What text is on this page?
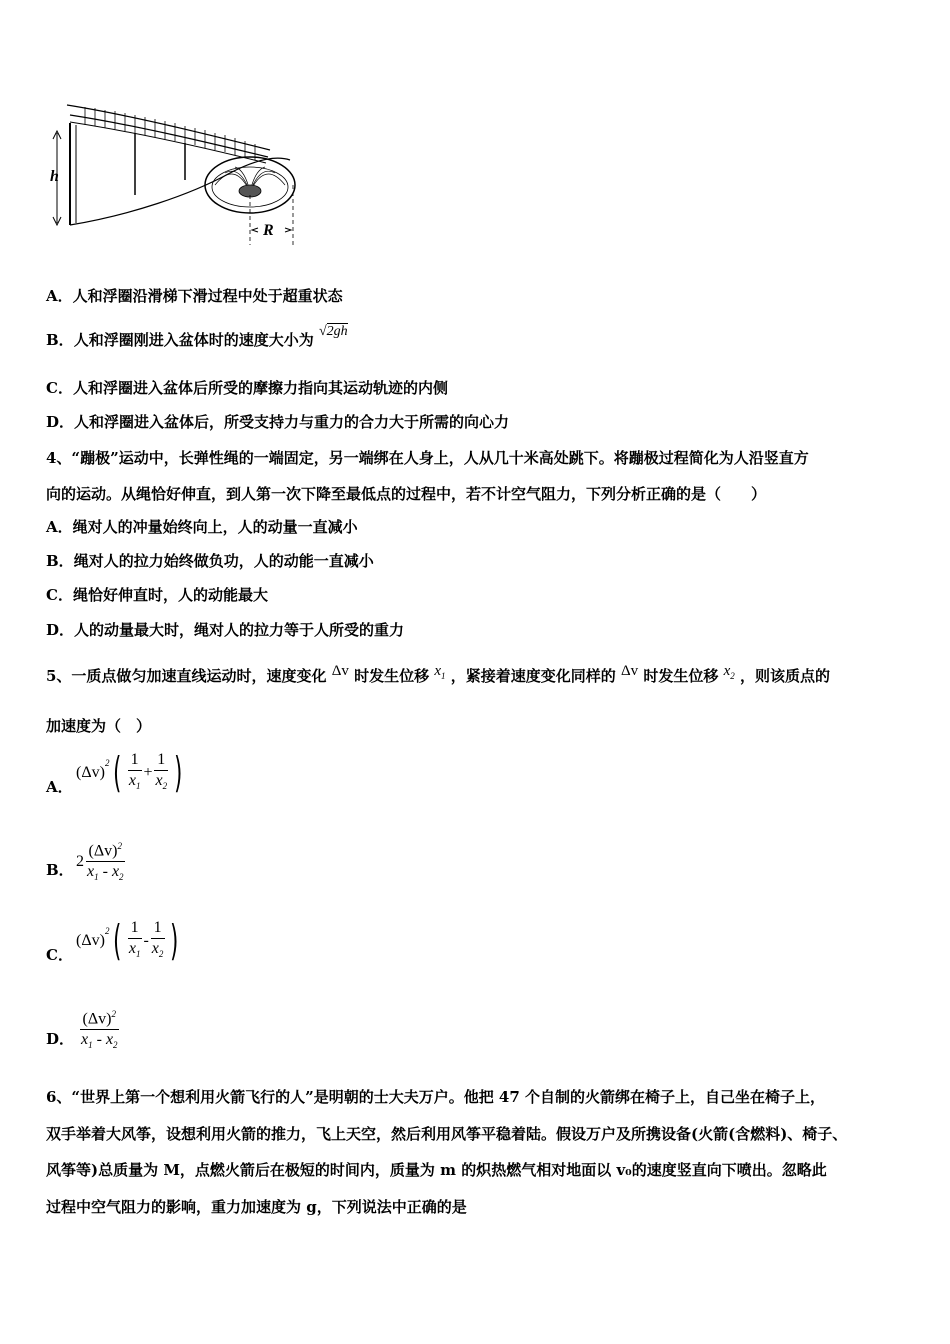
h
R
A．人和浮圈沿滑梯下滑过程中处于超重状态
B．人和浮圈刚进入盆体时的速度大小为 √2gh
C．人和浮圈进入盆体后所受的摩擦力指向其运动轨迹的内侧
D．人和浮圈进入盆体后，所受支持力与重力的合力大于所需的向心力
4、“蹦极”运动中，长弹性绳的一端固定，另一端绑在人身上，人从几十米高处跳下。将蹦极过程简化为人沿竖直方
向的运动。从绳恰好伸直，到人第一次下降至最低点的过程中，若不计空气阻力，下列分析正确的是（　　）
A．绳对人的冲量始终向上，人的动量一直减小
B．绳对人的拉力始终做负功，人的动能一直减小
C．绳恰好伸直时，人的动能最大
D．人的动量最大时，绳对人的拉力等于人所受的重力
5、一质点做匀加速直线运动时，速度变化 Δv 时发生位移 $x_1$ ，紧接着速度变化同样的 Δv 时发生位移 $x_2$ ，则该质点的
加速度为（　）
A．
(Δv)
$^2$ ( $\frac{1}{x_1} + \frac{1}{x_2}$ )
B． $2 \frac{(\Delta v)^2}{x_1 - x_2}$
C．
(Δv)
$^2$ ( $\frac{1}{x_1} - \frac{1}{x_2}$ )
D． $\frac{(\Delta v)^2}{x_1 - x_2}$
6、“世界上第一个想利用火箭飞行的人”是明朝的士大夫万户。他把 47 个自制的火箭绑在椅子上，自己坐在椅子上，
双手举着大风筝，设想利用火箭的推力，飞上天空，然后利用风筝平稳着陆。假设万户及所携设备(火箭(含燃料)、椅子、
风筝等)总质量为 M，点燃火箭后在极短的时间内，质量为 m 的炽热燃气相对地面以 v₀的速度竖直向下喷出。忽略此
过程中空气阻力的影响，重力加速度为 g，下列说法中正确的是
